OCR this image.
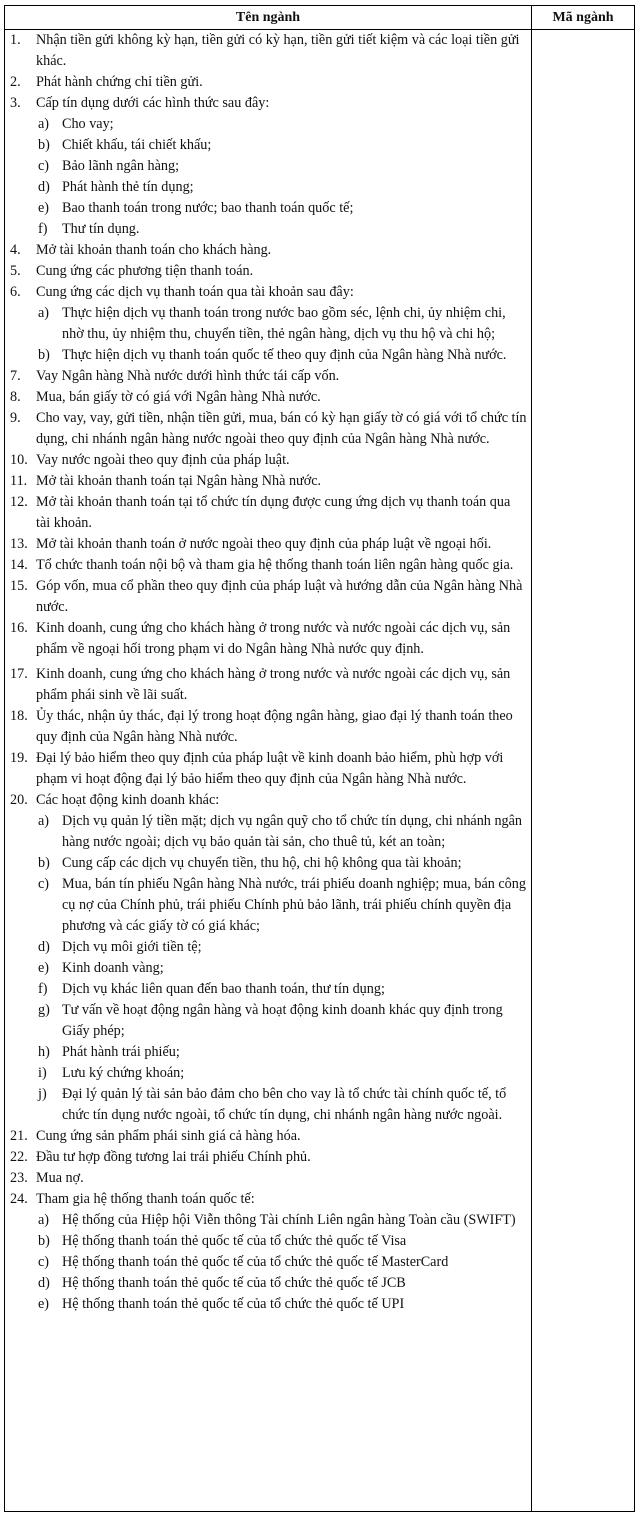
Tên ngành	Mã ngành
1. Nhận tiền gửi không kỳ hạn, tiền gửi có kỳ hạn, tiền gửi tiết kiệm và các loại tiền gửi khác.
2. Phát hành chứng chỉ tiền gửi.
3. Cấp tín dụng dưới các hình thức sau đây:
a) Cho vay;
b) Chiết khấu, tái chiết khấu;
c) Bảo lãnh ngân hàng;
d) Phát hành thẻ tín dụng;
e) Bao thanh toán trong nước; bao thanh toán quốc tế;
f) Thư tín dụng.
4. Mở tài khoản thanh toán cho khách hàng.
5. Cung ứng các phương tiện thanh toán.
6. Cung ứng các dịch vụ thanh toán qua tài khoản sau đây:
a) Thực hiện dịch vụ thanh toán trong nước bao gồm séc, lệnh chi, ủy nhiệm chi, nhờ thu, ủy nhiệm thu, chuyển tiền, thẻ ngân hàng, dịch vụ thu hộ và chi hộ;
b) Thực hiện dịch vụ thanh toán quốc tế theo quy định của Ngân hàng Nhà nước.
7. Vay Ngân hàng Nhà nước dưới hình thức tái cấp vốn.
8. Mua, bán giấy tờ có giá với Ngân hàng Nhà nước.
9. Cho vay, vay, gửi tiền, nhận tiền gửi, mua, bán có kỳ hạn giấy tờ có giá với tổ chức tín dụng, chi nhánh ngân hàng nước ngoài theo quy định của Ngân hàng Nhà nước.
10. Vay nước ngoài theo quy định của pháp luật.
11. Mở tài khoản thanh toán tại Ngân hàng Nhà nước.
12. Mở tài khoản thanh toán tại tổ chức tín dụng được cung ứng dịch vụ thanh toán qua tài khoản.
13. Mở tài khoản thanh toán ở nước ngoài theo quy định của pháp luật về ngoại hối.
14. Tổ chức thanh toán nội bộ và tham gia hệ thống thanh toán liên ngân hàng quốc gia.
15. Góp vốn, mua cổ phần theo quy định của pháp luật và hướng dẫn của Ngân hàng Nhà nước.
16. Kinh doanh, cung ứng cho khách hàng ở trong nước và nước ngoài các dịch vụ, sản phẩm về ngoại hối trong phạm vi do Ngân hàng Nhà nước quy định.
17. Kinh doanh, cung ứng cho khách hàng ở trong nước và nước ngoài các dịch vụ, sản phẩm phái sinh về lãi suất.
18. Ủy thác, nhận ủy thác, đại lý trong hoạt động ngân hàng, giao đại lý thanh toán theo quy định của Ngân hàng Nhà nước.
19. Đại lý bảo hiểm theo quy định của pháp luật về kinh doanh bảo hiểm, phù hợp với phạm vi hoạt động đại lý bảo hiểm theo quy định của Ngân hàng Nhà nước.
20. Các hoạt động kinh doanh khác:
a) Dịch vụ quản lý tiền mặt; dịch vụ ngân quỹ cho tổ chức tín dụng, chi nhánh ngân hàng nước ngoài; dịch vụ bảo quản tài sản, cho thuê tủ, két an toàn;
b) Cung cấp các dịch vụ chuyển tiền, thu hộ, chi hộ không qua tài khoản;
c) Mua, bán tín phiếu Ngân hàng Nhà nước, trái phiếu doanh nghiệp; mua, bán công cụ nợ của Chính phủ, trái phiếu Chính phủ bảo lãnh, trái phiếu chính quyền địa phương và các giấy tờ có giá khác;
d) Dịch vụ môi giới tiền tệ;
e) Kinh doanh vàng;
f) Dịch vụ khác liên quan đến bao thanh toán, thư tín dụng;
g) Tư vấn về hoạt động ngân hàng và hoạt động kinh doanh khác quy định trong Giấy phép;
h) Phát hành trái phiếu;
i) Lưu ký chứng khoán;
j) Đại lý quản lý tài sản bảo đảm cho bên cho vay là tổ chức tài chính quốc tế, tổ chức tín dụng nước ngoài, tổ chức tín dụng, chi nhánh ngân hàng nước ngoài.
21. Cung ứng sản phẩm phái sinh giá cả hàng hóa.
22. Đầu tư hợp đồng tương lai trái phiếu Chính phủ.
23. Mua nợ.
24. Tham gia hệ thống thanh toán quốc tế:
a) Hệ thống của Hiệp hội Viễn thông Tài chính Liên ngân hàng Toàn cầu (SWIFT)
b) Hệ thống thanh toán thẻ quốc tế của tổ chức thẻ quốc tế Visa
c) Hệ thống thanh toán thẻ quốc tế của tổ chức thẻ quốc tế MasterCard
d) Hệ thống thanh toán thẻ quốc tế của tổ chức thẻ quốc tế JCB
e) Hệ thống thanh toán thẻ quốc tế của tổ chức thẻ quốc tế UPI
